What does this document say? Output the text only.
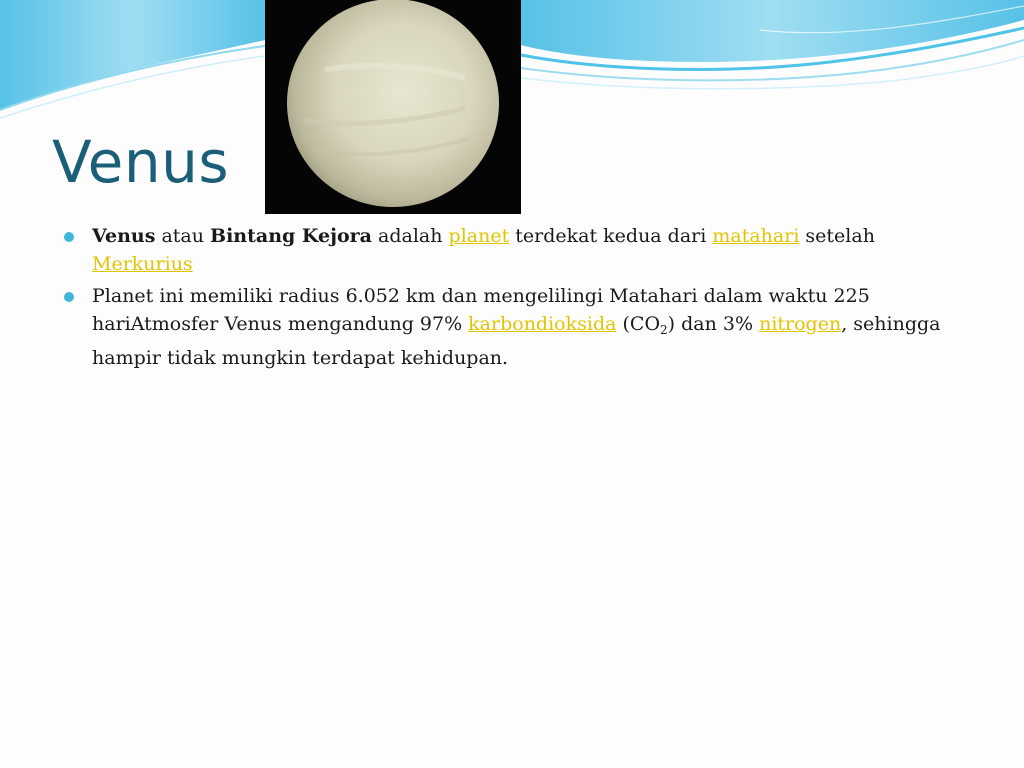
Venus
Venus atau Bintang Kejora adalah planet terdekat kedua dari matahari setelah
Merkurius
Planet ini memiliki radius 6.052 km dan mengelilingi Matahari dalam waktu 225 hariAtmosfer Venus mengandung 97% karbondioksida $(CO_2)$ dan 3% nitrogen, sehingga hampir tidak mungkin terdapat kehidupan.
